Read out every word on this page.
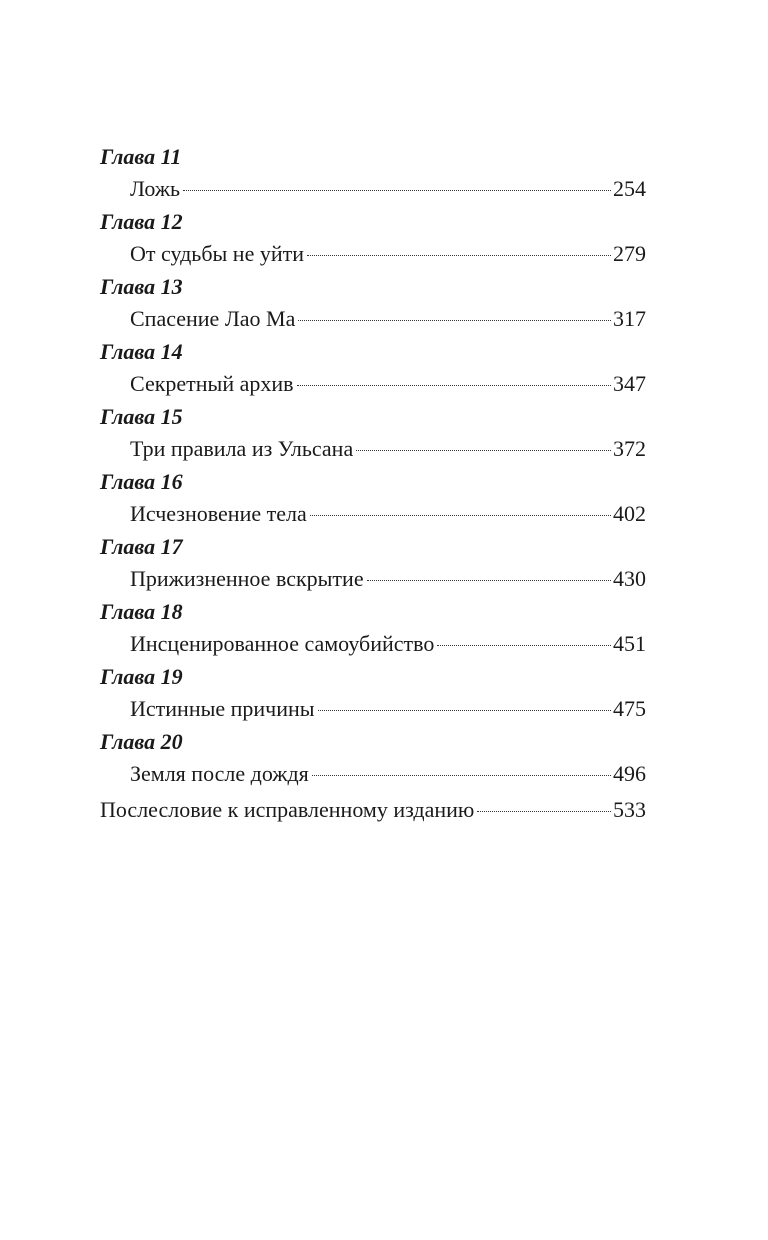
Глава 11
Ложь	254
Глава 12
От судьбы не уйти	279
Глава 13
Спасение Лао Ма	317
Глава 14
Секретный архив	347
Глава 15
Три правила из Ульсана	372
Глава 16
Исчезновение тела	402
Глава 17
Прижизненное вскрытие	430
Глава 18
Инсценированное самоубийство	451
Глава 19
Истинные причины	475
Глава 20
Земля после дождя	496
Послесловие к исправленному изданию	533
